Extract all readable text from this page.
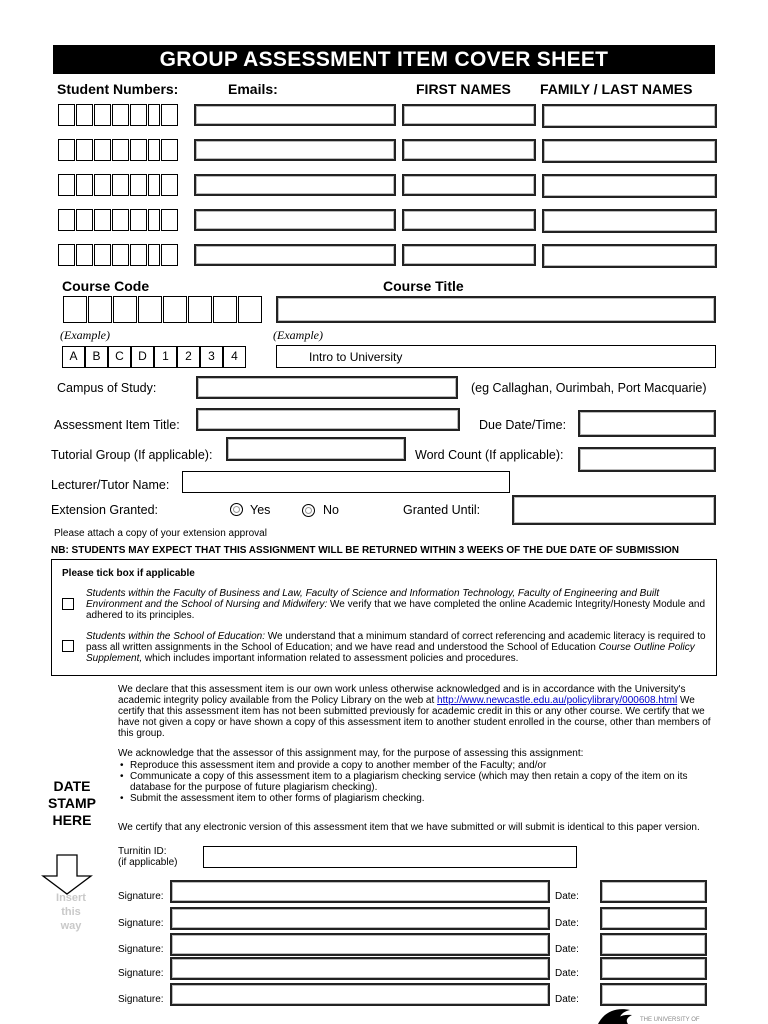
GROUP ASSESSMENT ITEM COVER SHEET
Student Numbers:	Emails:	FIRST NAMES FAMILY / LAST NAMES
Course Code	Course Title
(Example)	(Example)
A	B	C	D	1	2	3	4	Intro to University
Campus of Study:	(eg Callaghan, Ourimbah, Port Macquarie)
Assessment Item Title:	Due Date/Time:
Tutorial Group (If applicable):	Word Count (If applicable):
Lecturer/Tutor Name:
Extension Granted:	Yes	No	Granted Until:
Please attach a copy of your extension approval
NB: STUDENTS MAY EXPECT THAT THIS ASSIGNMENT WILL BE RETURNED WITHIN 3 WEEKS OF THE DUE DATE OF SUBMISSION
Please tick box if applicable
Students within the Faculty of Business and Law, Faculty of Science and Information Technology, Faculty of Engineering and Built Environment and the School of Nursing and Midwifery: We verify that we have completed the online Academic Integrity/Honesty Module and adhered to its principles.
Students within the School of Education: We understand that a minimum standard of correct referencing and academic literacy is required to pass all written assignments in the School of Education; and we have read and understood the School of Education Course Outline Policy Supplement, which includes important information related to assessment policies and procedures.
We declare that this assessment item is our own work unless otherwise acknowledged and is in accordance with the University's academic integrity policy available from the Policy Library on the web at http://www.newcastle.edu.au/policylibrary/000608.html We certify that this assessment item has not been submitted previously for academic credit in this or any other course. We certify that we have not given a copy or have shown a copy of this assessment item to another student enrolled in the course, other than members of this group.
We acknowledge that the assessor of this assignment may, for the purpose of assessing this assignment:
• Reproduce this assessment item and provide a copy to another member of the Faculty; and/or
• Communicate a copy of this assessment item to a plagiarism checking service (which may then retain a copy of the item on its database for the purpose of future plagiarism checking).
• Submit the assessment item to other forms of plagiarism checking.
We certify that any electronic version of this assessment item that we have submitted or will submit is identical to this paper version.
DATE STAMP HERE
Insert this way
Turnitin ID:
(if applicable)
Signature:	Date:
Signature:	Date:
Signature:	Date:
Signature:	Date:
Signature:	Date:
THE UNIVERSITY OF
